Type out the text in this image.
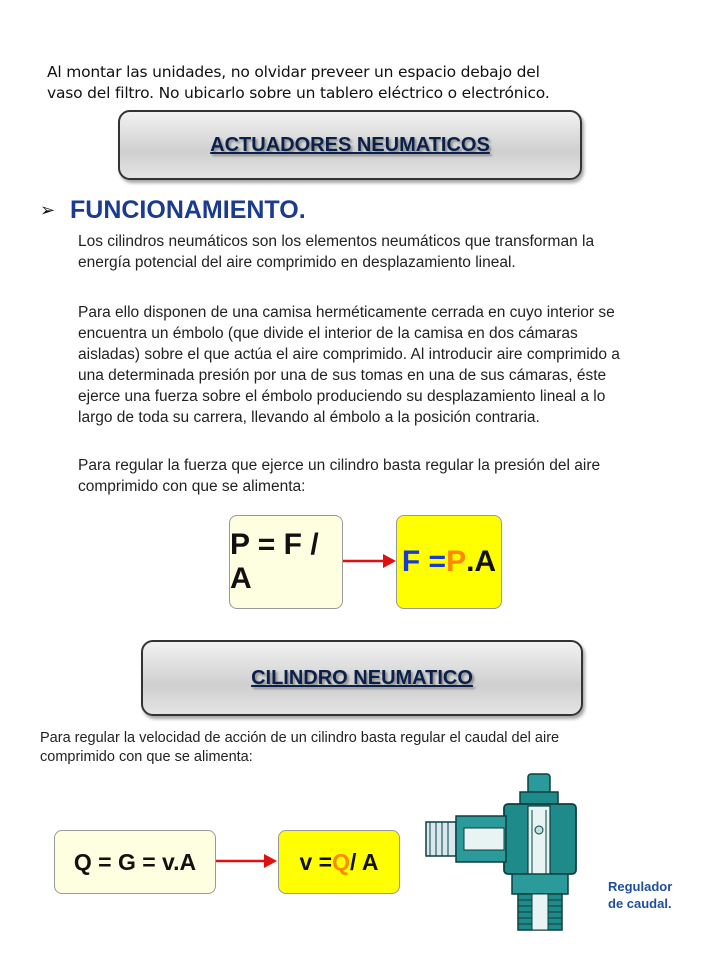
Al montar las unidades, no olvidar preveer un espacio debajo del
vaso del filtro. No ubicarlo sobre un tablero eléctrico o electrónico.
ACTUADORES NEUMATICOS
➢ FUNCIONAMIENTO.
Los cilindros neumáticos son los elementos neumáticos que transforman la
energía potencial del aire comprimido en desplazamiento lineal.
Para ello disponen de una camisa herméticamente cerrada en cuyo interior se
encuentra un émbolo (que divide el interior de la camisa en dos cámaras
aisladas) sobre el que actúa el aire comprimido. Al introducir aire comprimido a
una determinada presión por una de sus tomas en una de sus cámaras, éste
ejerce una fuerza sobre el émbolo produciendo su desplazamiento lineal a lo
largo de toda su carrera, llevando al émbolo a la posición contraria.
Para regular la fuerza que ejerce un cilindro basta regular la presión del aire
comprimido con que se alimenta:
P = F / A
F = P .A
CILINDRO NEUMATICO
Para regular la velocidad de acción de un cilindro basta regular el caudal del aire
comprimido con que se alimenta:
Q = G = v.A	v = Q / A
Regulador
de caudal.
